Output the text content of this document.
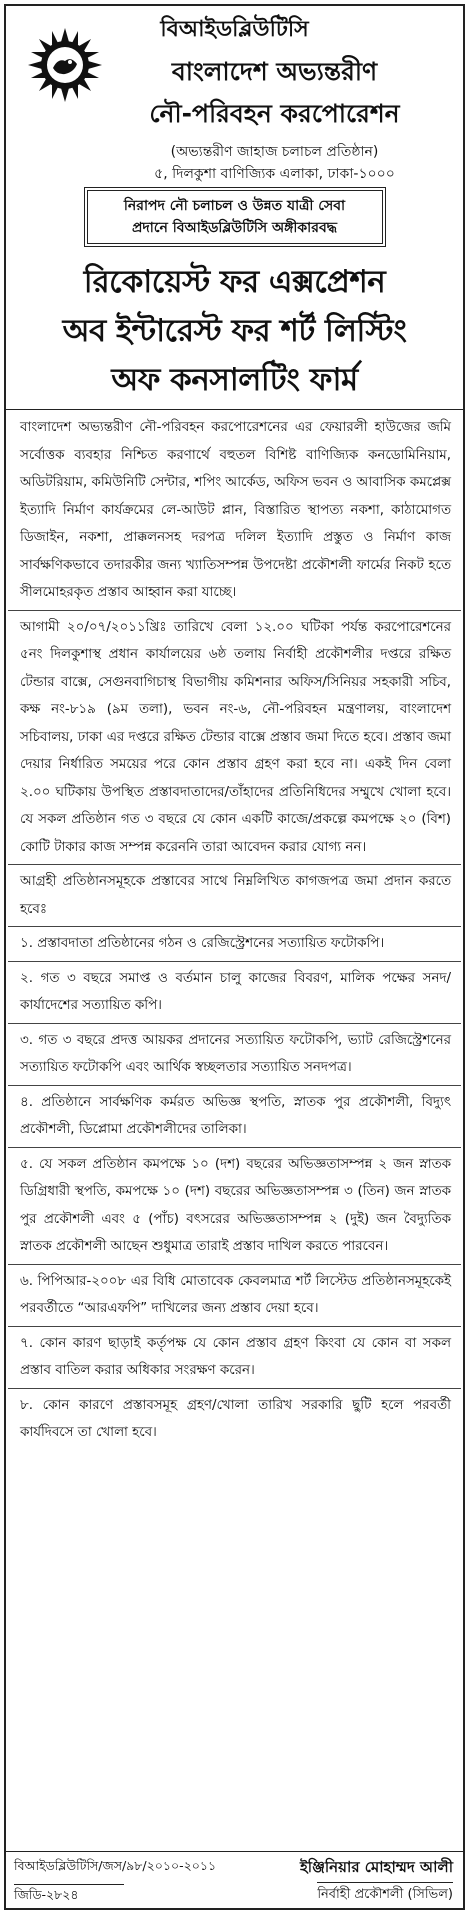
বিআইডব্লিউটিসি
বাংলাদেশ অভ্যন্তরীণ
নৌ-পরিবহন করপোরেশন
(অভ্যন্তরীণ জাহাজ চলাচল প্রতিষ্ঠান)
৫, দিলকুশা বাণিজ্যিক এলাকা, ঢাকা-১০০০
নিরাপদ নৌ চলাচল ও উন্নত যাত্রী সেবা
প্রদানে বিআইডব্লিউটিসি অঙ্গীকারবদ্ধ
রিকোয়েস্ট ফর এক্সপ্রেশন
অব ইন্টারেস্ট ফর শর্ট লিস্টিং
অফ কনসালটিং ফার্ম

বাংলাদেশ অভ্যন্তরীণ নৌ-পরিবহন করপোরেশনের এর ফেয়ারলী হাউজের জমি সর্বোত্তক ব্যবহার নিশ্চিত করণার্থে বহুতল বিশিষ্ট বাণিজ্যিক কনডোমিনিয়াম, অডিটরিয়াম, কমিউনিটি সেন্টার, শপিং আর্কেড, অফিস ভবন ও আবাসিক কমপ্লেক্স ইত্যাদি নির্মাণ কার্যক্রমের লে-আউট প্লান, বিস্তারিত স্থাপত্য নকশা, কাঠামোগত ডিজাইন, নকশা, প্রাক্কলনসহ দরপত্র দলিল ইত্যাদি প্রস্তুত ও নির্মাণ কাজ সার্বক্ষণিকভাবে তদারকীর জন্য খ্যাতিসম্পন্ন উপদেষ্টা প্রকৌশলী ফার্মের নিকট হতে সীলমোহরকৃত প্রস্তাব আহ্বান করা যাচ্ছে।

আগামী ২০/০৭/২০১১খ্রিঃ তারিখে বেলা ১২.০০ ঘটিকা পর্যন্ত করপোরেশনের ৫নং দিলকুশাস্থ প্রধান কার্যালয়ের ৬ষ্ঠ তলায় নির্বাহী প্রকৌশলীর দপ্তরে রক্ষিত টেন্ডার বাক্সে, সেগুনবাগিচাস্থ বিভাগীয় কমিশনার অফিস/সিনিয়র সহকারী সচিব, কক্ষ নং-৮১৯ (৯ম তলা), ভবন নং-৬, নৌ-পরিবহন মন্ত্রণালয়, বাংলাদেশ সচিবালয়, ঢাকা এর দপ্তরে রক্ষিত টেন্ডার বাক্সে প্রস্তাব জমা দিতে হবে। প্রস্তাব জমা দেয়ার নির্ধারিত সময়ের পরে কোন প্রস্তাব গ্রহণ করা হবে না। একই দিন বেলা ২.০০ ঘটিকায় উপস্থিত প্রস্তাবদাতাদের/তাঁহাদের প্রতিনিধিদের সম্মুখে খোলা হবে। যে সকল প্রতিষ্ঠান গত ৩ বছরে যে কোন একটি কাজে/প্রকল্পে কমপক্ষে ২০ (বিশ) কোটি টাকার কাজ সম্পন্ন করেননি তারা আবেদন করার যোগ্য নন।

আগ্রহী প্রতিষ্ঠানসমূহকে প্রস্তাবের সাথে নিম্নলিখিত কাগজপত্র জমা প্রদান করতে হবেঃ

১. প্রস্তাবদাতা প্রতিষ্ঠানের গঠন ও রেজিস্ট্রেশনের সত্যায়িত ফটোকপি।

২. গত ৩ বছরে সমাপ্ত ও বর্তমান চালু কাজের বিবরণ, মালিক পক্ষের সনদ/কার্যাদেশের সত্যায়িত কপি।

৩. গত ৩ বছরে প্রদত্ত আয়কর প্রদানের সত্যায়িত ফটোকপি, ভ্যাট রেজিস্ট্রেশনের সত্যায়িত ফটোকপি এবং আর্থিক স্বচ্ছলতার সত্যায়িত সনদপত্র।

৪. প্রতিষ্ঠানে সার্বক্ষণিক কর্মরত অভিজ্ঞ স্থপতি, স্নাতক পুর প্রকৌশলী, বিদ্যুৎ প্রকৌশলী, ডিপ্লোমা প্রকৌশলীদের তালিকা।

৫. যে সকল প্রতিষ্ঠান কমপক্ষে ১০ (দশ) বছরের অভিজ্ঞতাসম্পন্ন ২ জন স্নাতক ডিগ্রিধারী স্থপতি, কমপক্ষে ১০ (দশ) বছরের অভিজ্ঞতাসম্পন্ন ৩ (তিন) জন স্নাতক পুর প্রকৌশলী এবং ৫ (পাঁচ) বৎসরের অভিজ্ঞতাসম্পন্ন ২ (দুই) জন বৈদ্যুতিক স্নাতক প্রকৌশলী আছেন শুধুমাত্র তারাই প্রস্তাব দাখিল করতে পারবেন।

৬. পিপিআর-২০০৮ এর বিধি মোতাবেক কেবলমাত্র শর্ট লিস্টেড প্রতিষ্ঠানসমূহকেই পরবর্তীতে “আরএফপি” দাখিলের জন্য প্রস্তাব দেয়া হবে।

৭. কোন কারণ ছাড়াই কর্তৃপক্ষ যে কোন প্রস্তাব গ্রহণ কিংবা যে কোন বা সকল প্রস্তাব বাতিল করার অধিকার সংরক্ষণ করেন।

৮. কোন কারণে প্রস্তাবসমূহ গ্রহণ/খোলা তারিখ সরকারি ছুটি হলে পরবর্তী কার্যদিবসে তা খোলা হবে।

বিআইডব্লিউটিসি/জস/৯৮/২০১০-২০১১
জিডি-২৮২৪
ইঞ্জিনিয়ার মোহাম্মদ আলী
নির্বাহী প্রকৌশলী (সিভিল)
